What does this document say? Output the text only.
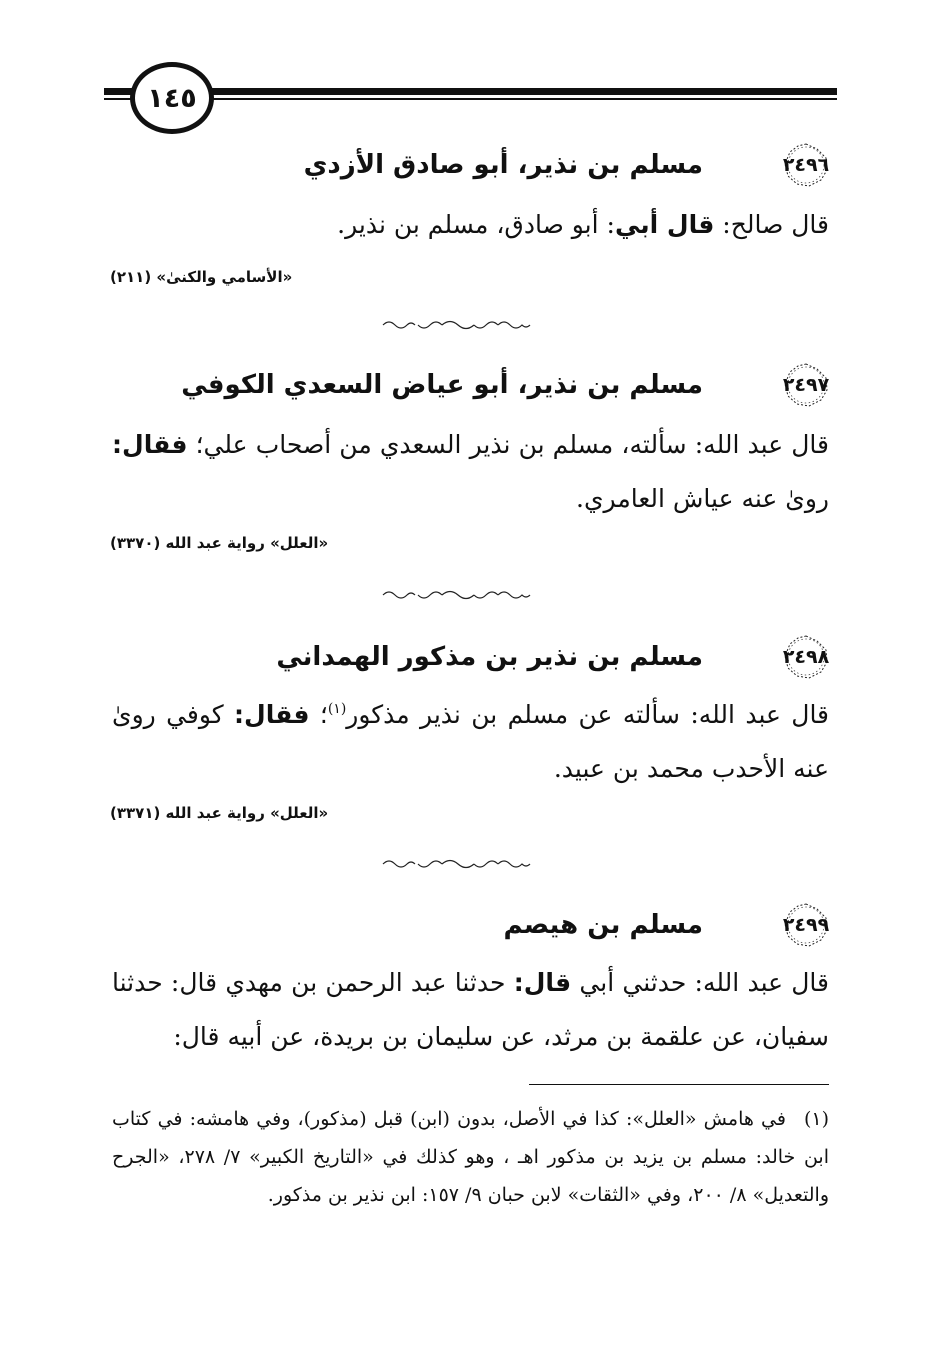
١٤٥
٢٤٩٦
مسلم بن نذير، أبو صادق الأزدي
قال صالح: قال أبي: أبو صادق، مسلم بن نذير.
«الأسامي والكنىٰ» (٢١١)
٢٤٩٧
مسلم بن نذير، أبو عياض السعدي الكوفي
قال عبد الله: سألته، مسلم بن نذير السعدي من أصحاب علي؛ فقال: رویٰ عنه عياش العامري.
«العلل» رواية عبد الله (٣٣٧٠)
٢٤٩٨
مسلم بن نذير بن مذكور الهمداني
قال عبد الله: سألته عن مسلم بن نذير مذكور$^{(١)}$؛ فقال: كوفي رویٰ عنه الأحدب محمد بن عبيد.
«العلل» رواية عبد الله (٣٣٧١)
٢٤٩٩
مسلم بن هيصم
قال عبد الله: حدثني أبي قال: حدثنا عبد الرحمن بن مهدي قال: حدثنا سفيان، عن علقمة بن مرثد، عن سليمان بن بريدة، عن أبيه قال:
(١)في هامش «العلل»: كذا في الأصل، بدون (ابن) قبل (مذكور)، وفي هامشه: في كتاب ابن خالد: مسلم بن يزيد بن مذكور اهـ ، وهو كذلك في «التاريخ الكبير» ٧/ ٢٧٨، «الجرح والتعديل» ٨/ ٢٠٠، وفي «الثقات» لابن حبان ٩/ ١٥٧: ابن نذير بن مذكور.
